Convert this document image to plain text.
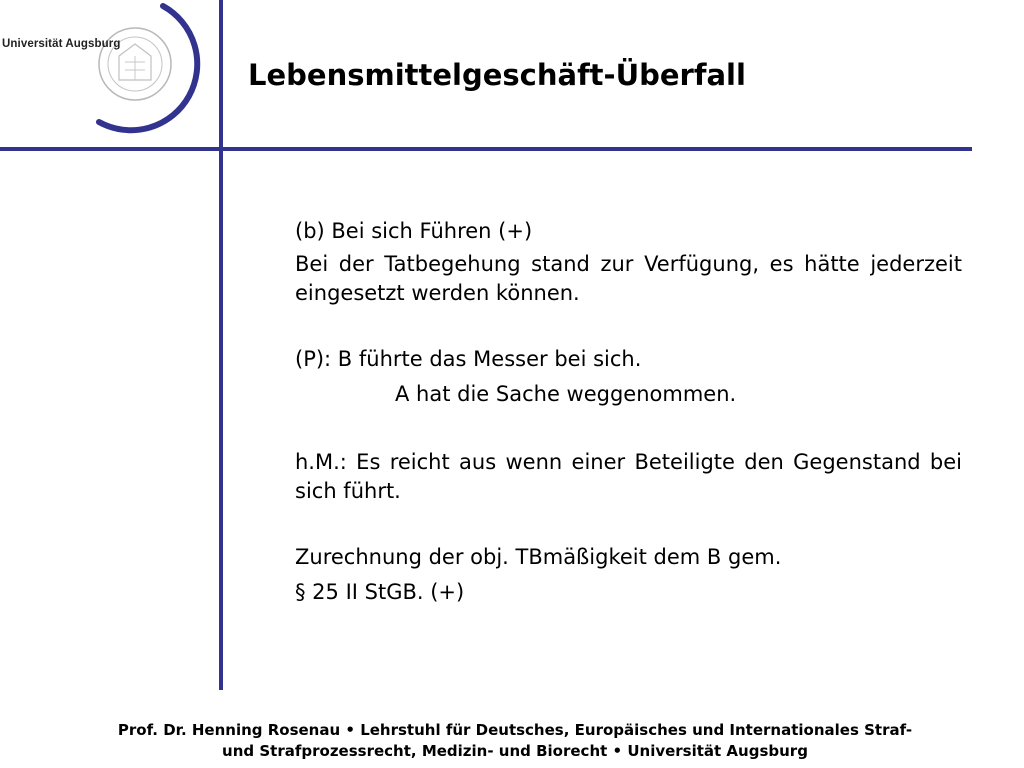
Universität Augsburg
Lebensmittelgeschäft-Überfall

(b) Bei sich Führen (+)

Bei der Tatbegehung stand zur Verfügung, es hätte jederzeit eingesetzt werden können.

(P): B führte das Messer bei sich.

A hat die Sache weggenommen.

h.M.: Es reicht aus wenn einer Beteiligte den Gegenstand bei sich führt.

Zurechnung der obj. TBmäßigkeit dem B gem.

§ 25 II StGB. (+)

Prof. Dr. Henning Rosenau • Lehrstuhl für Deutsches, Europäisches und Internationales Straf-
und Strafprozessrecht, Medizin- und Biorecht • Universität Augsburg
